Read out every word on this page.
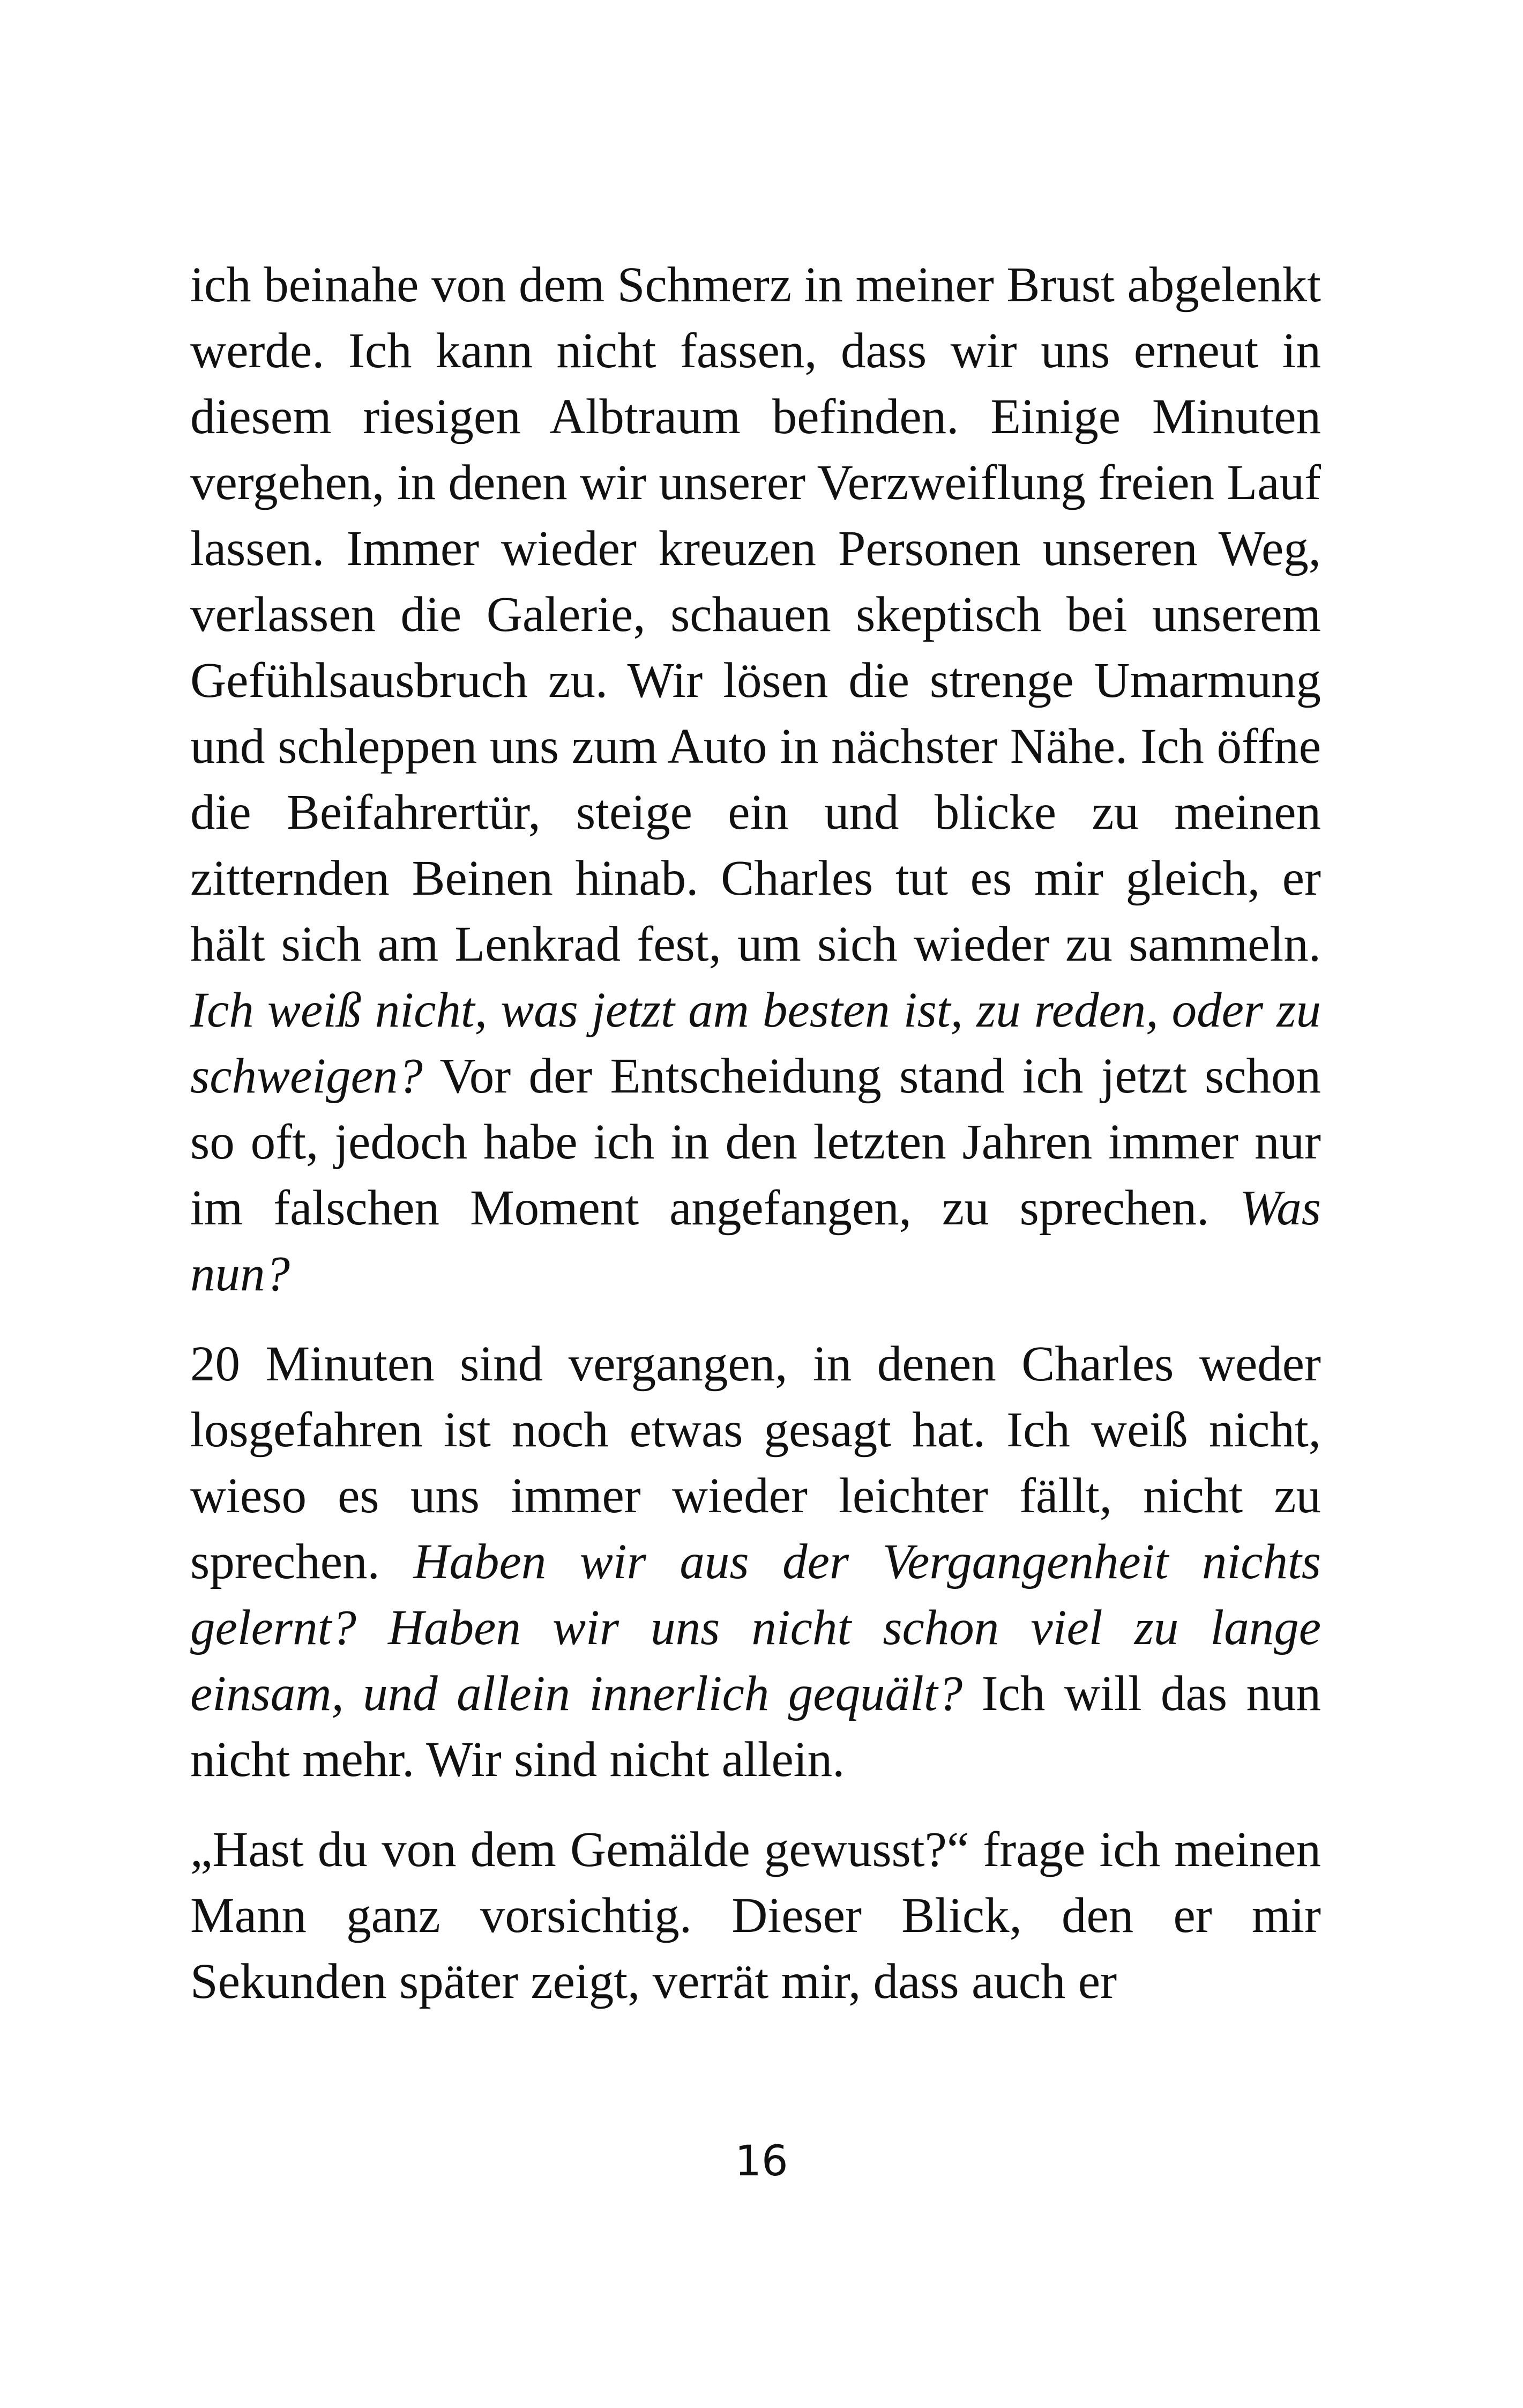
ich beinahe von dem Schmerz in meiner Brust abgelenkt werde. Ich kann nicht fassen, dass wir uns erneut in diesem riesigen Albtraum befinden. Einige Minuten vergehen, in denen wir unserer Verzweiflung freien Lauf lassen. Immer wieder kreuzen Personen unseren Weg, verlassen die Galerie, schauen skeptisch bei unserem Gefühlsausbruch zu. Wir lösen die strenge Umarmung und schleppen uns zum Auto in nächster Nähe. Ich öffne die Beifahrertür, steige ein und blicke zu meinen zitternden Beinen hinab. Charles tut es mir gleich, er hält sich am Lenkrad fest, um sich wieder zu sammeln. Ich weiß nicht, was jetzt am besten ist, zu reden, oder zu schweigen? Vor der Entscheidung stand ich jetzt schon so oft, jedoch habe ich in den letzten Jahren immer nur im falschen Moment angefangen, zu sprechen. Was nun?

20 Minuten sind vergangen, in denen Charles weder losgefahren ist noch etwas gesagt hat. Ich weiß nicht, wieso es uns immer wieder leichter fällt, nicht zu sprechen. Haben wir aus der Vergangenheit nichts gelernt? Haben wir uns nicht schon viel zu lange einsam, und allein innerlich gequält? Ich will das nun nicht mehr. Wir sind nicht allein.

„Hast du von dem Gemälde gewusst?“ frage ich meinen Mann ganz vorsichtig. Dieser Blick, den er mir Sekunden später zeigt, verrät mir, dass auch er

16
